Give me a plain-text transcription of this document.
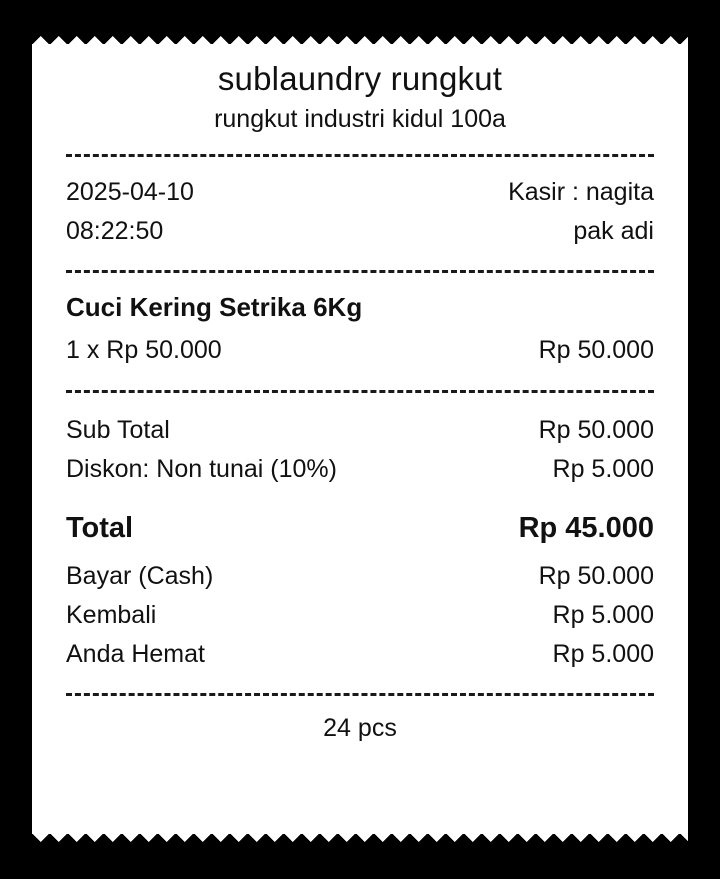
sublaundry rungkut
rungkut industri kidul 100a
2025-04-10	Kasir : nagita
08:22:50	pak adi
Cuci Kering Setrika 6Kg
1 x Rp 50.000	Rp 50.000
Sub Total	Rp 50.000
Diskon: Non tunai (10%)	Rp 5.000
Total	Rp 45.000
Bayar (Cash)	Rp 50.000
Kembali	Rp 5.000
Anda Hemat	Rp 5.000
24 pcs
